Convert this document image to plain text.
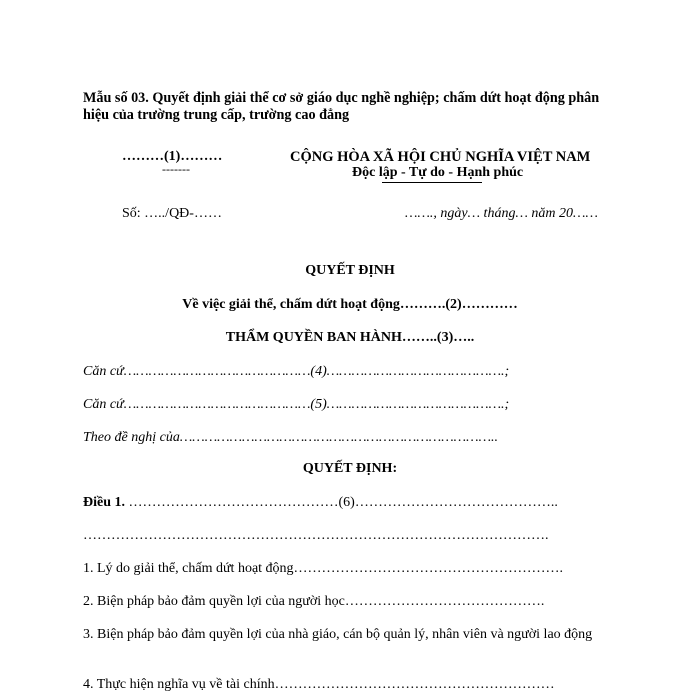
Mẫu số 03. Quyết định giải thể cơ sở giáo dục nghề nghiệp; chấm dứt hoạt động phân hiệu của trường trung cấp, trường cao đẳng
………(1)………
-------
CỘNG HÒA XÃ HỘI CHỦ NGHĨA VIỆT NAM
Độc lập - Tự do - Hạnh phúc
Số: …../QĐ-……	……., ngày… tháng… năm 20……
QUYẾT ĐỊNH
Về việc giải thể, chấm dứt hoạt động……….(2)…………
THẨM QUYỀN BAN HÀNH……..(3)…..
Căn cứ………………………………………(4)…………………………………….;
Căn cứ………………………………………(5)…………………………………….;
Theo đề nghị của…………………………………………………………………..
QUYẾT ĐỊNH:
Điều 1. ………………………………………(6)……………………………………..
……………………………………………………………………………………….
1. Lý do giải thể, chấm dứt hoạt động………………………………………………….
2. Biện pháp bảo đảm quyền lợi của người học…………………………………….
3. Biện pháp bảo đảm quyền lợi của nhà giáo, cán bộ quản lý, nhân viên và người lao động
4. Thực hiện nghĩa vụ về tài chính……………………………………………………
